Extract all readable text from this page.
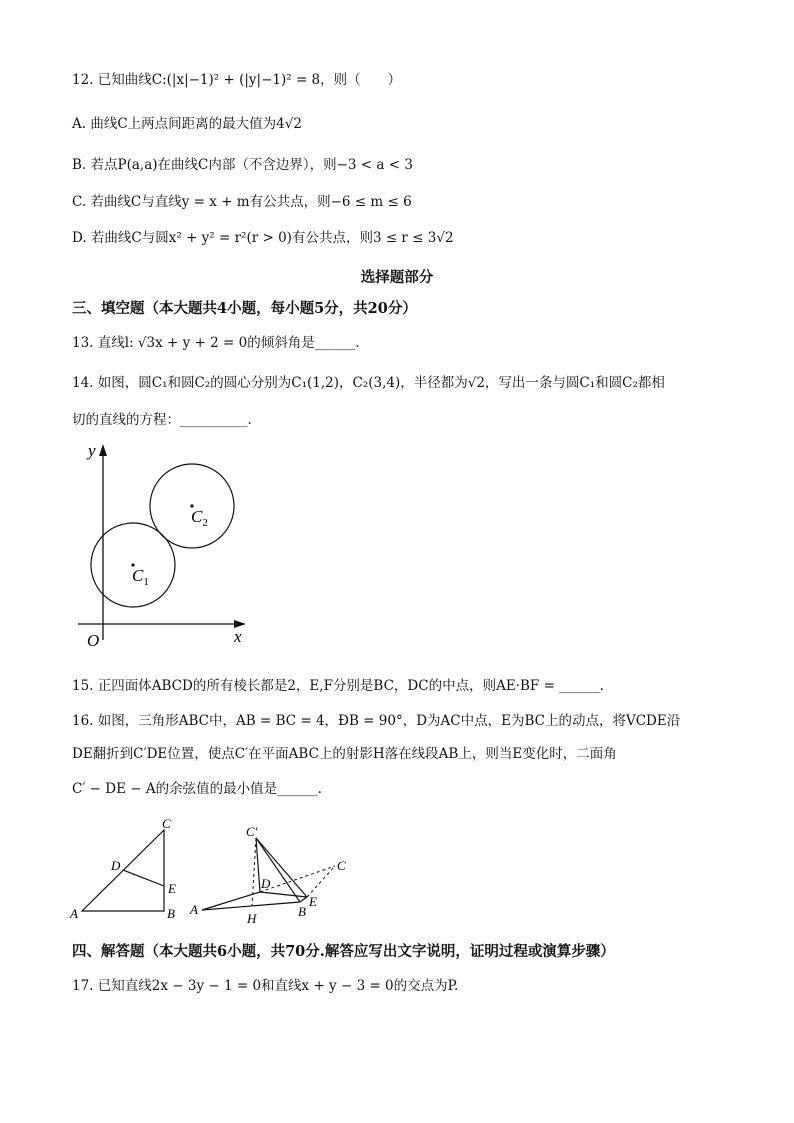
12. 已知曲线C:(|x|−1)² + (|y|−1)² = 8，则（　　）
A. 曲线C上两点间距离的最大值为4√2
B. 若点P(a,a)在曲线C内部（不含边界），则−3 < a < 3
C. 若曲线C与直线y = x + m有公共点，则−6 ≤ m ≤ 6
D. 若曲线C与圆x² + y² = r²(r > 0)有公共点，则3 ≤ r ≤ 3√2
选择题部分
三、填空题（本大题共4小题，每小题5分，共20分）
13. 直线l: √3x + y + 2 = 0的倾斜角是______.
14. 如图，圆C₁和圆C₂的圆心分别为C₁(1,2)，C₂(3,4)，半径都为√2，写出一条与圆C₁和圆C₂都相
切的直线的方程：__________.
y
x
O
$C_1$
$C_2$
15. 正四面体ABCD的所有棱长都是2，E,F分别是BC，DC的中点，则AE·BF = ______.
16. 如图，三角形ABC中，AB = BC = 4，ÐB = 90°，D为AC中点，E为BC上的动点，将VCDE沿
DE翻折到C′DE位置，使点C′在平面ABC上的射影H落在线段AB上，则当E变化时，二面角
C′ − DE − A的余弦值的最小值是______.
C
D
E
A	B
C′
C
D
E
A	B
H
四、解答题（本大题共6小题，共70分.解答应写出文字说明，证明过程或演算步骤）
17. 已知直线2x − 3y − 1 = 0和直线x + y − 3 = 0的交点为P.
